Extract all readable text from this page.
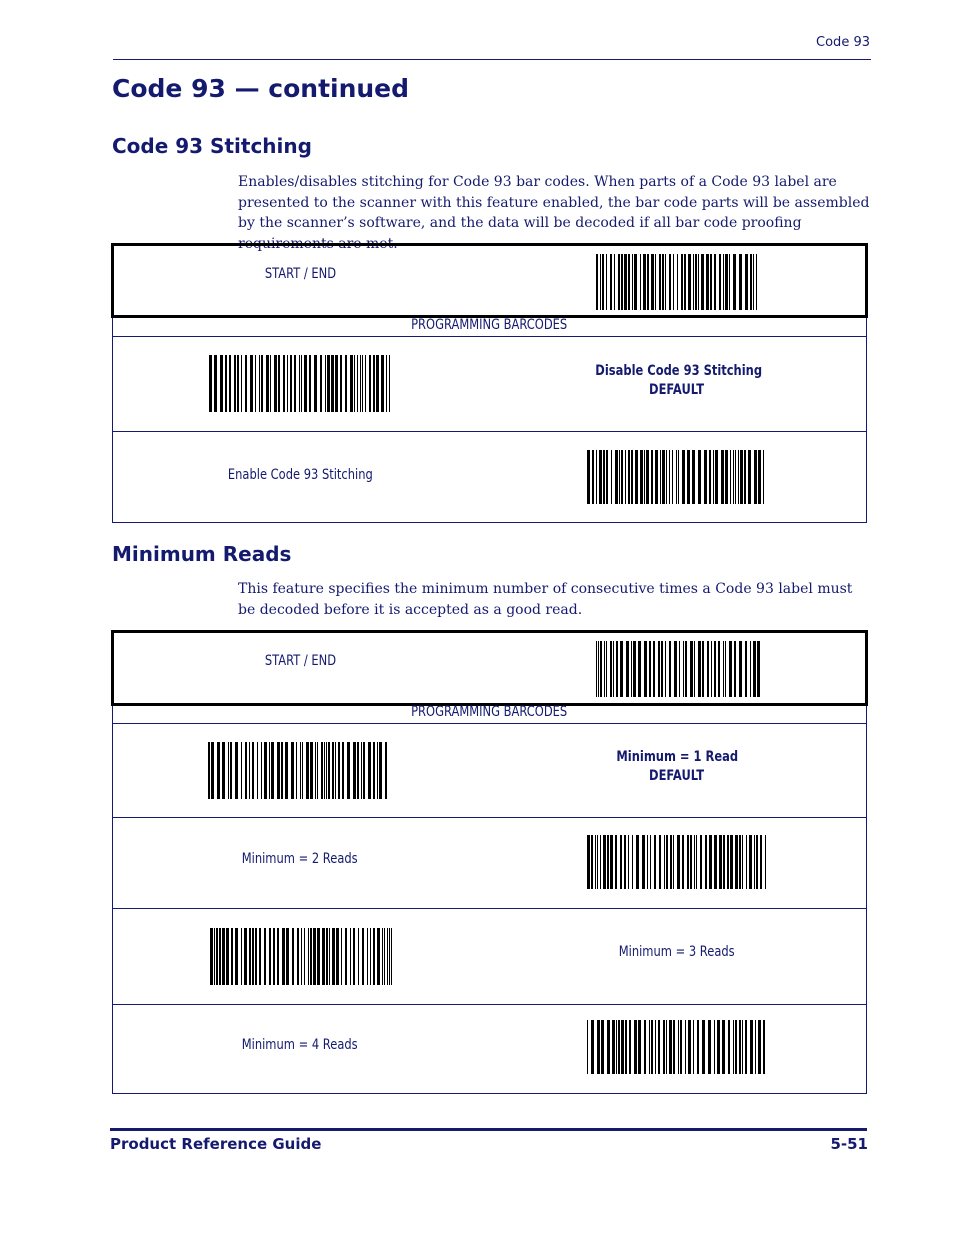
Code 93
Code 93 — continued
Code 93 Stitching
Enables/disables stitching for Code 93 bar codes. When parts of a Code 93 label are presented to the scanner with this feature enabled, the bar code parts will be assembled by the scanner’s software, and the data will be decoded if all bar code proofing requirements are met.
START / END
PROGRAMMING BARCODES
Disable Code 93 Stitching
DEFAULT
Enable Code 93 Stitching
Minimum Reads
This feature specifies the minimum number of consecutive times a Code 93 label must be decoded before it is accepted as a good read.
START / END
PROGRAMMING BARCODES
Minimum = 1 Read
DEFAULT
Minimum = 2 Reads
Minimum = 3 Reads
Minimum = 4 Reads
Product Reference Guide	5-51
